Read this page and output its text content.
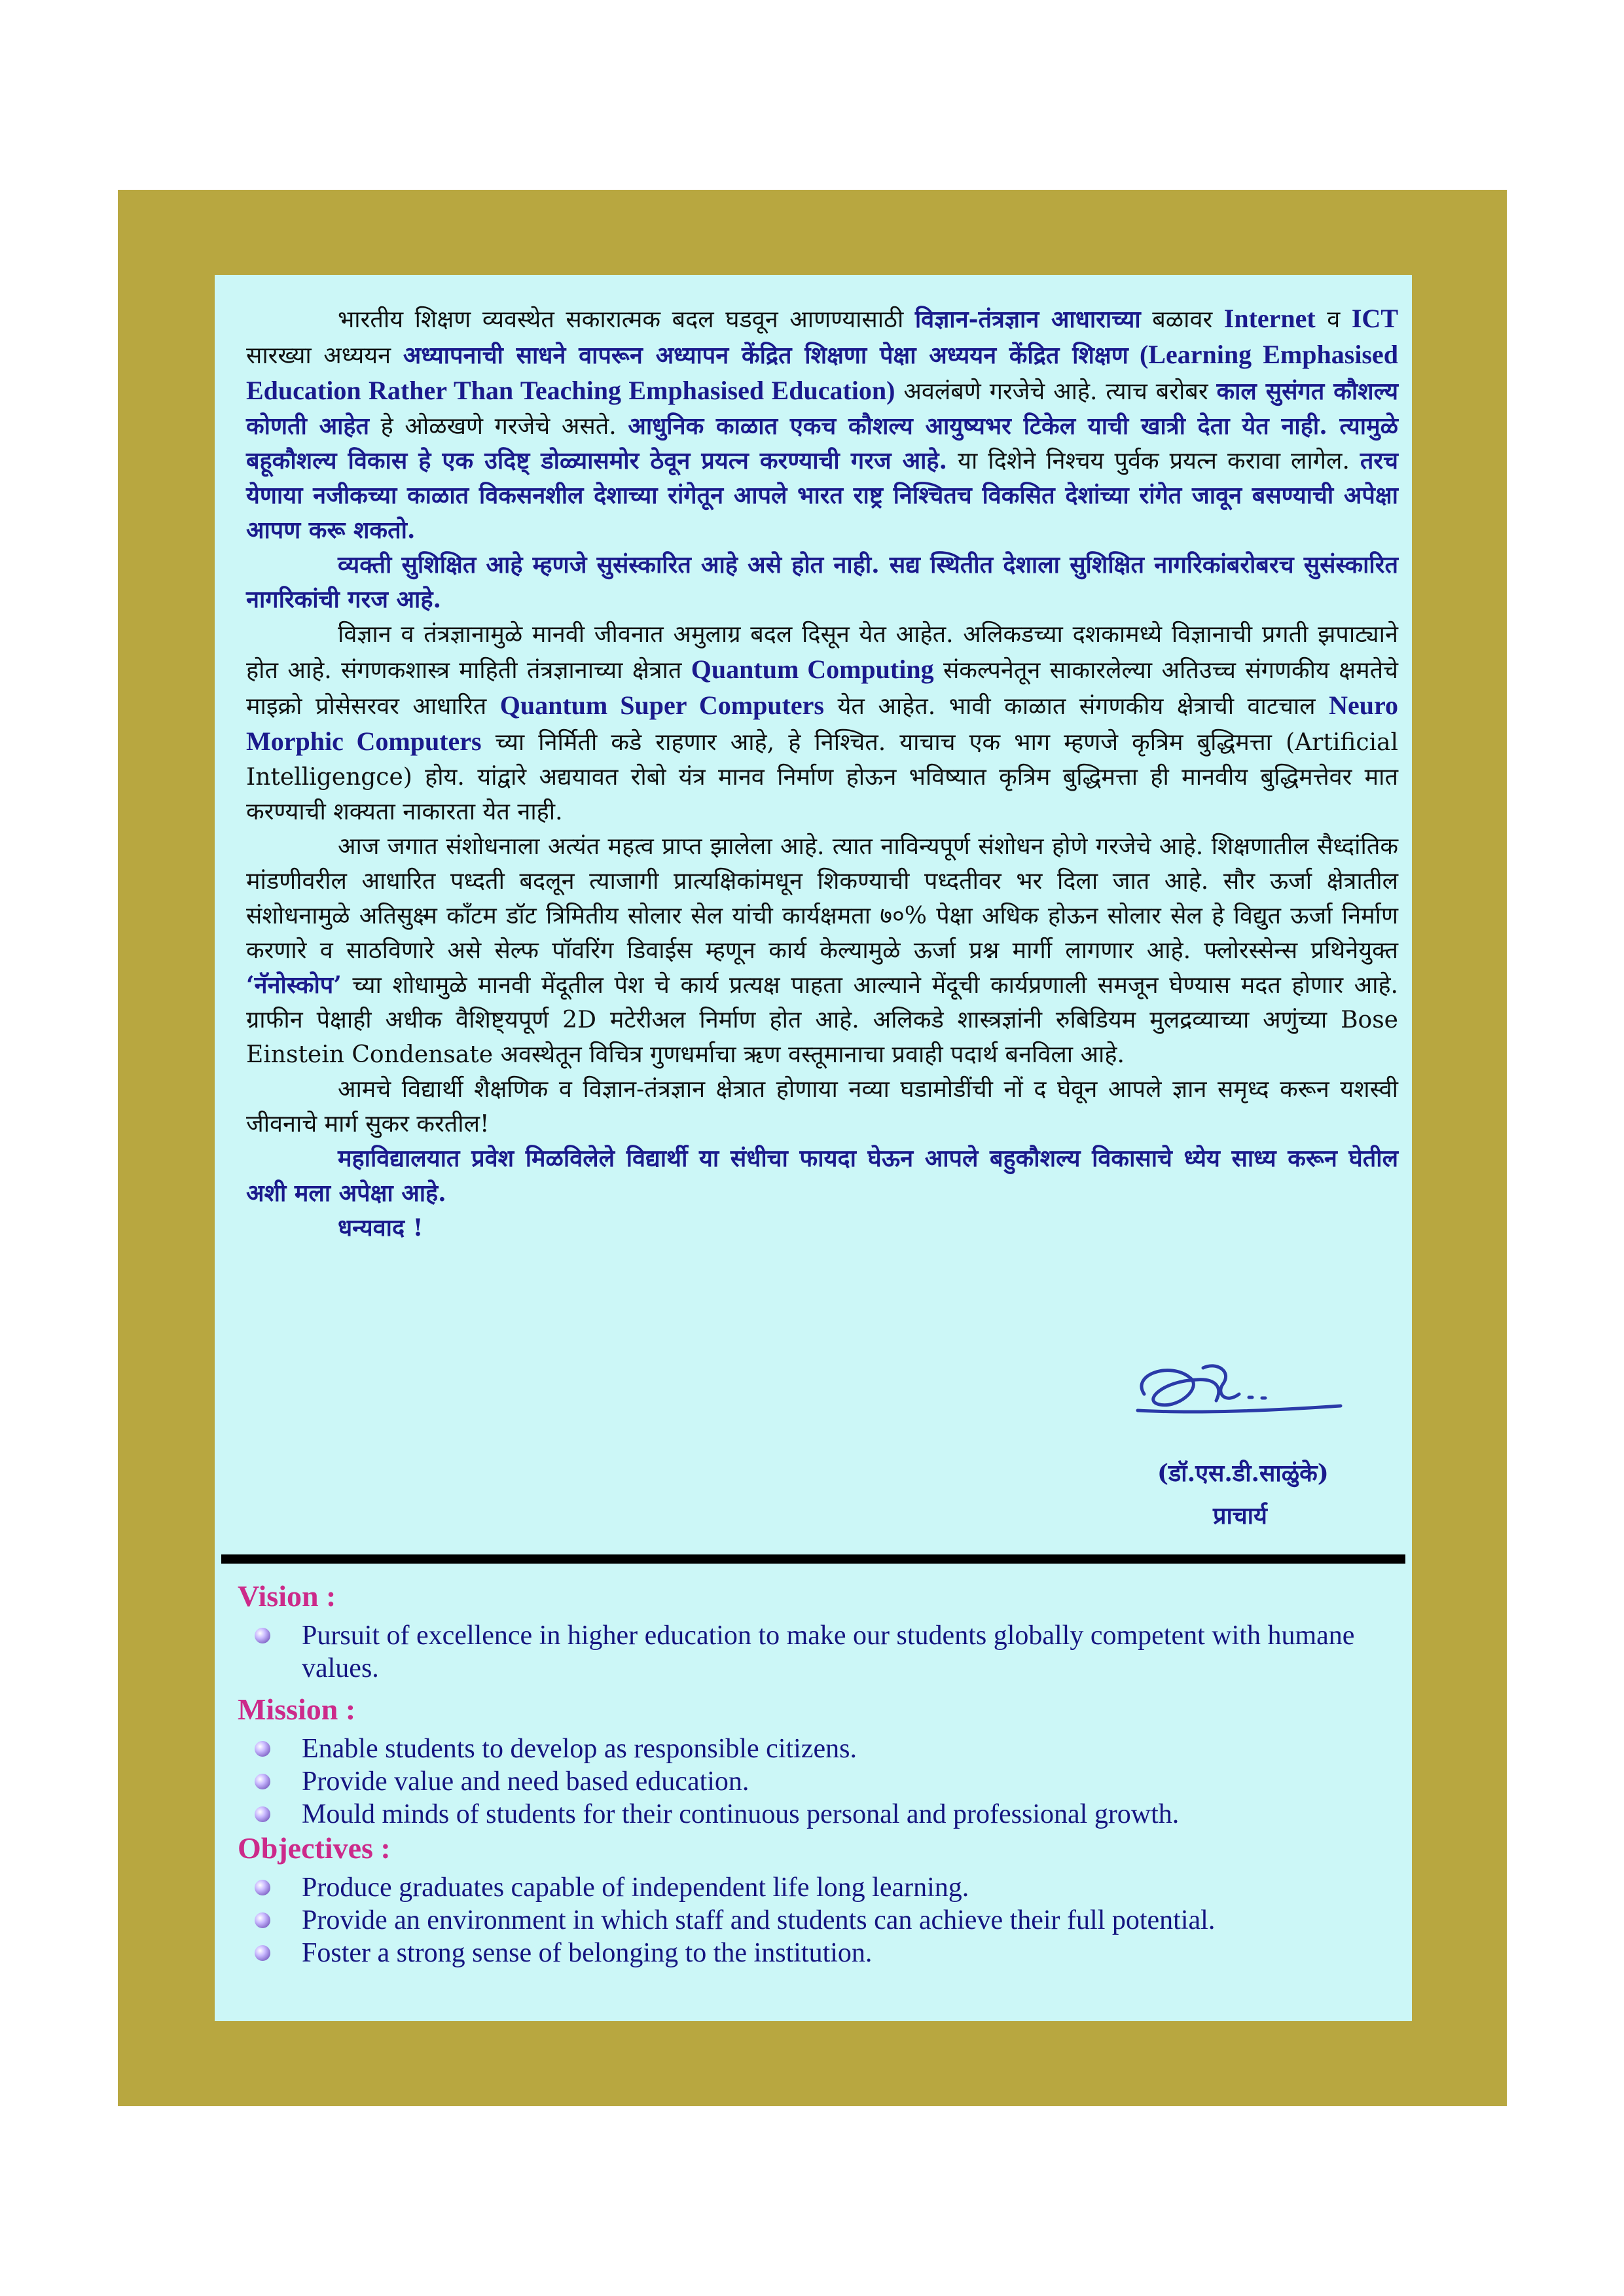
भारतीय शिक्षण व्यवस्थेत सकारात्मक बदल घडवून आणण्यासाठी विज्ञान-तंत्रज्ञान आधाराच्या बळावर Internet व ICT सारख्या अध्ययन अध्यापनाची साधने वापरून अध्यापन केंद्रित शिक्षणा पेक्षा अध्ययन केंद्रित शिक्षण (Learning Emphasised Education Rather Than Teaching Emphasised Education) अवलंबणे गरजेचे आहे. त्याच बरोबर काल सुसंगत कौशल्य कोणती आहेत हे ओळखणे गरजेचे असते. आधुनिक काळात एकच कौशल्य आयुष्यभर टिकेल याची खात्री देता येत नाही. त्यामुळे बहूकौशल्य विकास हे एक उदिष्ट् डोळ्यासमोर ठेवून प्रयत्न करण्याची गरज आहे. या दिशेने निश्चय पुर्वक प्रयत्न करावा लागेल. तरच येणाया नजीकच्या काळात विकसनशील देशाच्या रांगेतून आपले भारत राष्ट्र निश्चितच विकसित देशांच्या रांगेत जावून बसण्याची अपेक्षा आपण करू शकतो.

व्यक्ती सुशिक्षित आहे म्हणजे सुसंस्कारित आहे असे होत नाही. सद्य स्थितीत देशाला सुशिक्षित नागरिकांबरोबरच सुसंस्कारित नागरिकांची गरज आहे.

विज्ञान व तंत्रज्ञानामुळे मानवी जीवनात अमुलाग्र बदल दिसून येत आहेत. अलिकडच्या दशकामध्ये विज्ञानाची प्रगती झपाट्याने होत आहे. संगणकशास्त्र माहिती तंत्रज्ञानाच्या क्षेत्रात Quantum Computing संकल्पनेतून साकारलेल्या अतिउच्च संगणकीय क्षमतेचे माइक्रो प्रोसेसरवर आधारित Quantum Super Computers येत आहेत. भावी काळात संगणकीय क्षेत्राची वाटचाल Neuro Morphic Computers च्या निर्मिती कडे राहणार आहे, हे निश्चित. याचाच एक भाग म्हणजे कृत्रिम बुद्धिमत्ता (Artificial Intelligengce) होय. यांद्वारे अद्ययावत रोबो यंत्र मानव निर्माण होऊन भविष्यात कृत्रिम बुद्धिमत्ता ही मानवीय बुद्धिमत्तेवर मात करण्याची शक्यता नाकारता येत नाही.

आज जगात संशोधनाला अत्यंत महत्व प्राप्त झालेला आहे. त्यात नाविन्यपूर्ण संशोधन होणे गरजेचे आहे. शिक्षणातील सैध्दांतिक मांडणीवरील आधारित पध्दती बदलून त्याजागी प्रात्यक्षिकांमधून शिकण्याची पध्दतीवर भर दिला जात आहे. सौर ऊर्जा क्षेत्रातील संशोधनामुळे अतिसुक्ष्म कॉंटम डॉट त्रिमितीय सोलार सेल यांची कार्यक्षमता ७०% पेक्षा अधिक होऊन सोलार सेल हे विद्युत ऊर्जा निर्माण करणारे व साठविणारे असे सेल्फ पॉवरिंग डिवाईस म्हणून कार्य केल्यामुळे ऊर्जा प्रश्न मार्गी लागणार आहे. फ्लोरस्सेन्स प्रथिनेयुक्त ‘नॅनोस्कोप’ च्या शोधामुळे मानवी मेंदूतील पेश चे कार्य प्रत्यक्ष पाहता आल्याने मेंदूची कार्यप्रणाली समजून घेण्यास मदत होणार आहे. ग्राफीन पेक्षाही अधीक वैशिष्ट्यपूर्ण 2D मटेरीअल निर्माण होत आहे. अलिकडे शास्त्रज्ञांनी रुबिडियम मुलद्रव्याच्या अणुंच्या Bose Einstein Condensate अवस्थेतून विचित्र गुणधर्माचा ऋण वस्तूमानाचा प्रवाही पदार्थ बनविला आहे.

आमचे विद्यार्थी शैक्षणिक व विज्ञान-तंत्रज्ञान क्षेत्रात होणाया नव्या घडामोडींची नों द घेवून आपले ज्ञान समृध्द करून यशस्वी जीवनाचे मार्ग सुकर करतील!

महाविद्यालयात प्रवेश मिळविलेले विद्यार्थी या संधीचा फायदा घेऊन आपले बहुकौशल्य विकासाचे ध्येय साध्य करून घेतील अशी मला अपेक्षा आहे.

धन्यवाद !

(डॉ.एस.डी.साळुंके)
प्राचार्य
Vision :
Pursuit of excellence in higher education to make our students globally competent with humane values.
Mission :
Enable students to develop as responsible citizens.
Provide value and need based education.
Mould minds of students for their continuous personal and professional growth.
Objectives :
Produce graduates capable of independent life long learning.
Provide an environment in which staff and students can achieve their full potential.
Foster a strong sense of belonging to the institution.
